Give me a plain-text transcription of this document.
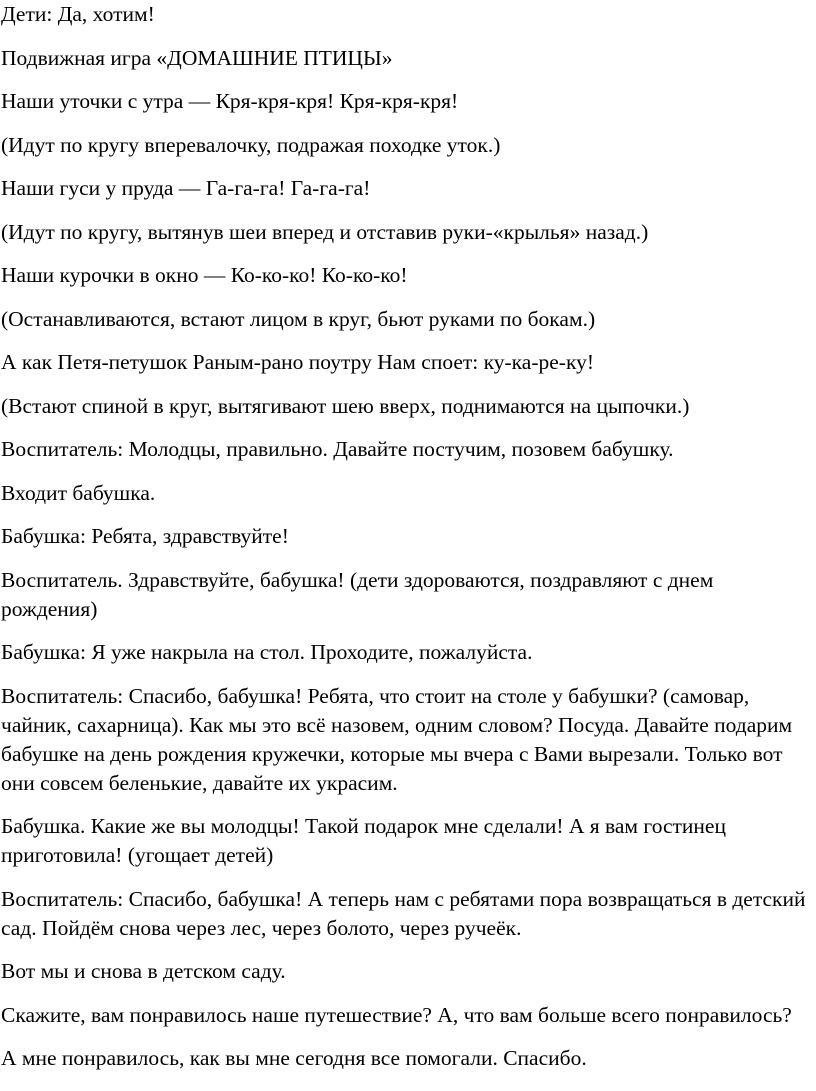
Дети: Да, хотим!

Подвижная игра «ДОМАШНИЕ ПТИЦЫ»

Наши уточки с утра — Кря-кря-кря! Кря-кря-кря!

(Идут по кругу вперевалочку, подражая походке уток.)

Наши гуси у пруда — Га-га-га! Га-га-га!

(Идут по кругу, вытянув шеи вперед и отставив руки-«крылья» назад.)

Наши курочки в окно — Ко-ко-ко! Ко-ко-ко!

(Останавливаются, встают лицом в круг, бьют руками по бокам.)

А как Петя-петушок Раным-рано поутру Нам споет: ку-ка-ре-ку!

(Встают спиной в круг, вытягивают шею вверх, поднимаются на цыпочки.)

Воспитатель: Молодцы, правильно. Давайте постучим, позовем бабушку.

Входит бабушка.

Бабушка: Ребята, здравствуйте!

Воспитатель. Здравствуйте, бабушка! (дети здороваются, поздравляют с днем рождения)

Бабушка: Я уже накрыла на стол. Проходите, пожалуйста.

Воспитатель: Спасибо, бабушка! Ребята, что стоит на столе у бабушки? (самовар, чайник, сахарница). Как мы это всё назовем, одним словом? Посуда. Давайте подарим бабушке на день рождения кружечки, которые мы вчера с Вами вырезали. Только вот они совсем беленькие, давайте их украсим.

Бабушка. Какие же вы молодцы! Такой подарок мне сделали! А я вам гостинец приготовила! (угощает детей)

Воспитатель: Спасибо, бабушка! А теперь нам с ребятами пора возвращаться в детский сад. Пойдём снова через лес, через болото, через ручеёк.

Вот мы и снова в детском саду.

Скажите, вам понравилось наше путешествие? А, что вам больше всего понравилось?

А мне понравилось, как вы мне сегодня все помогали. Спасибо.
